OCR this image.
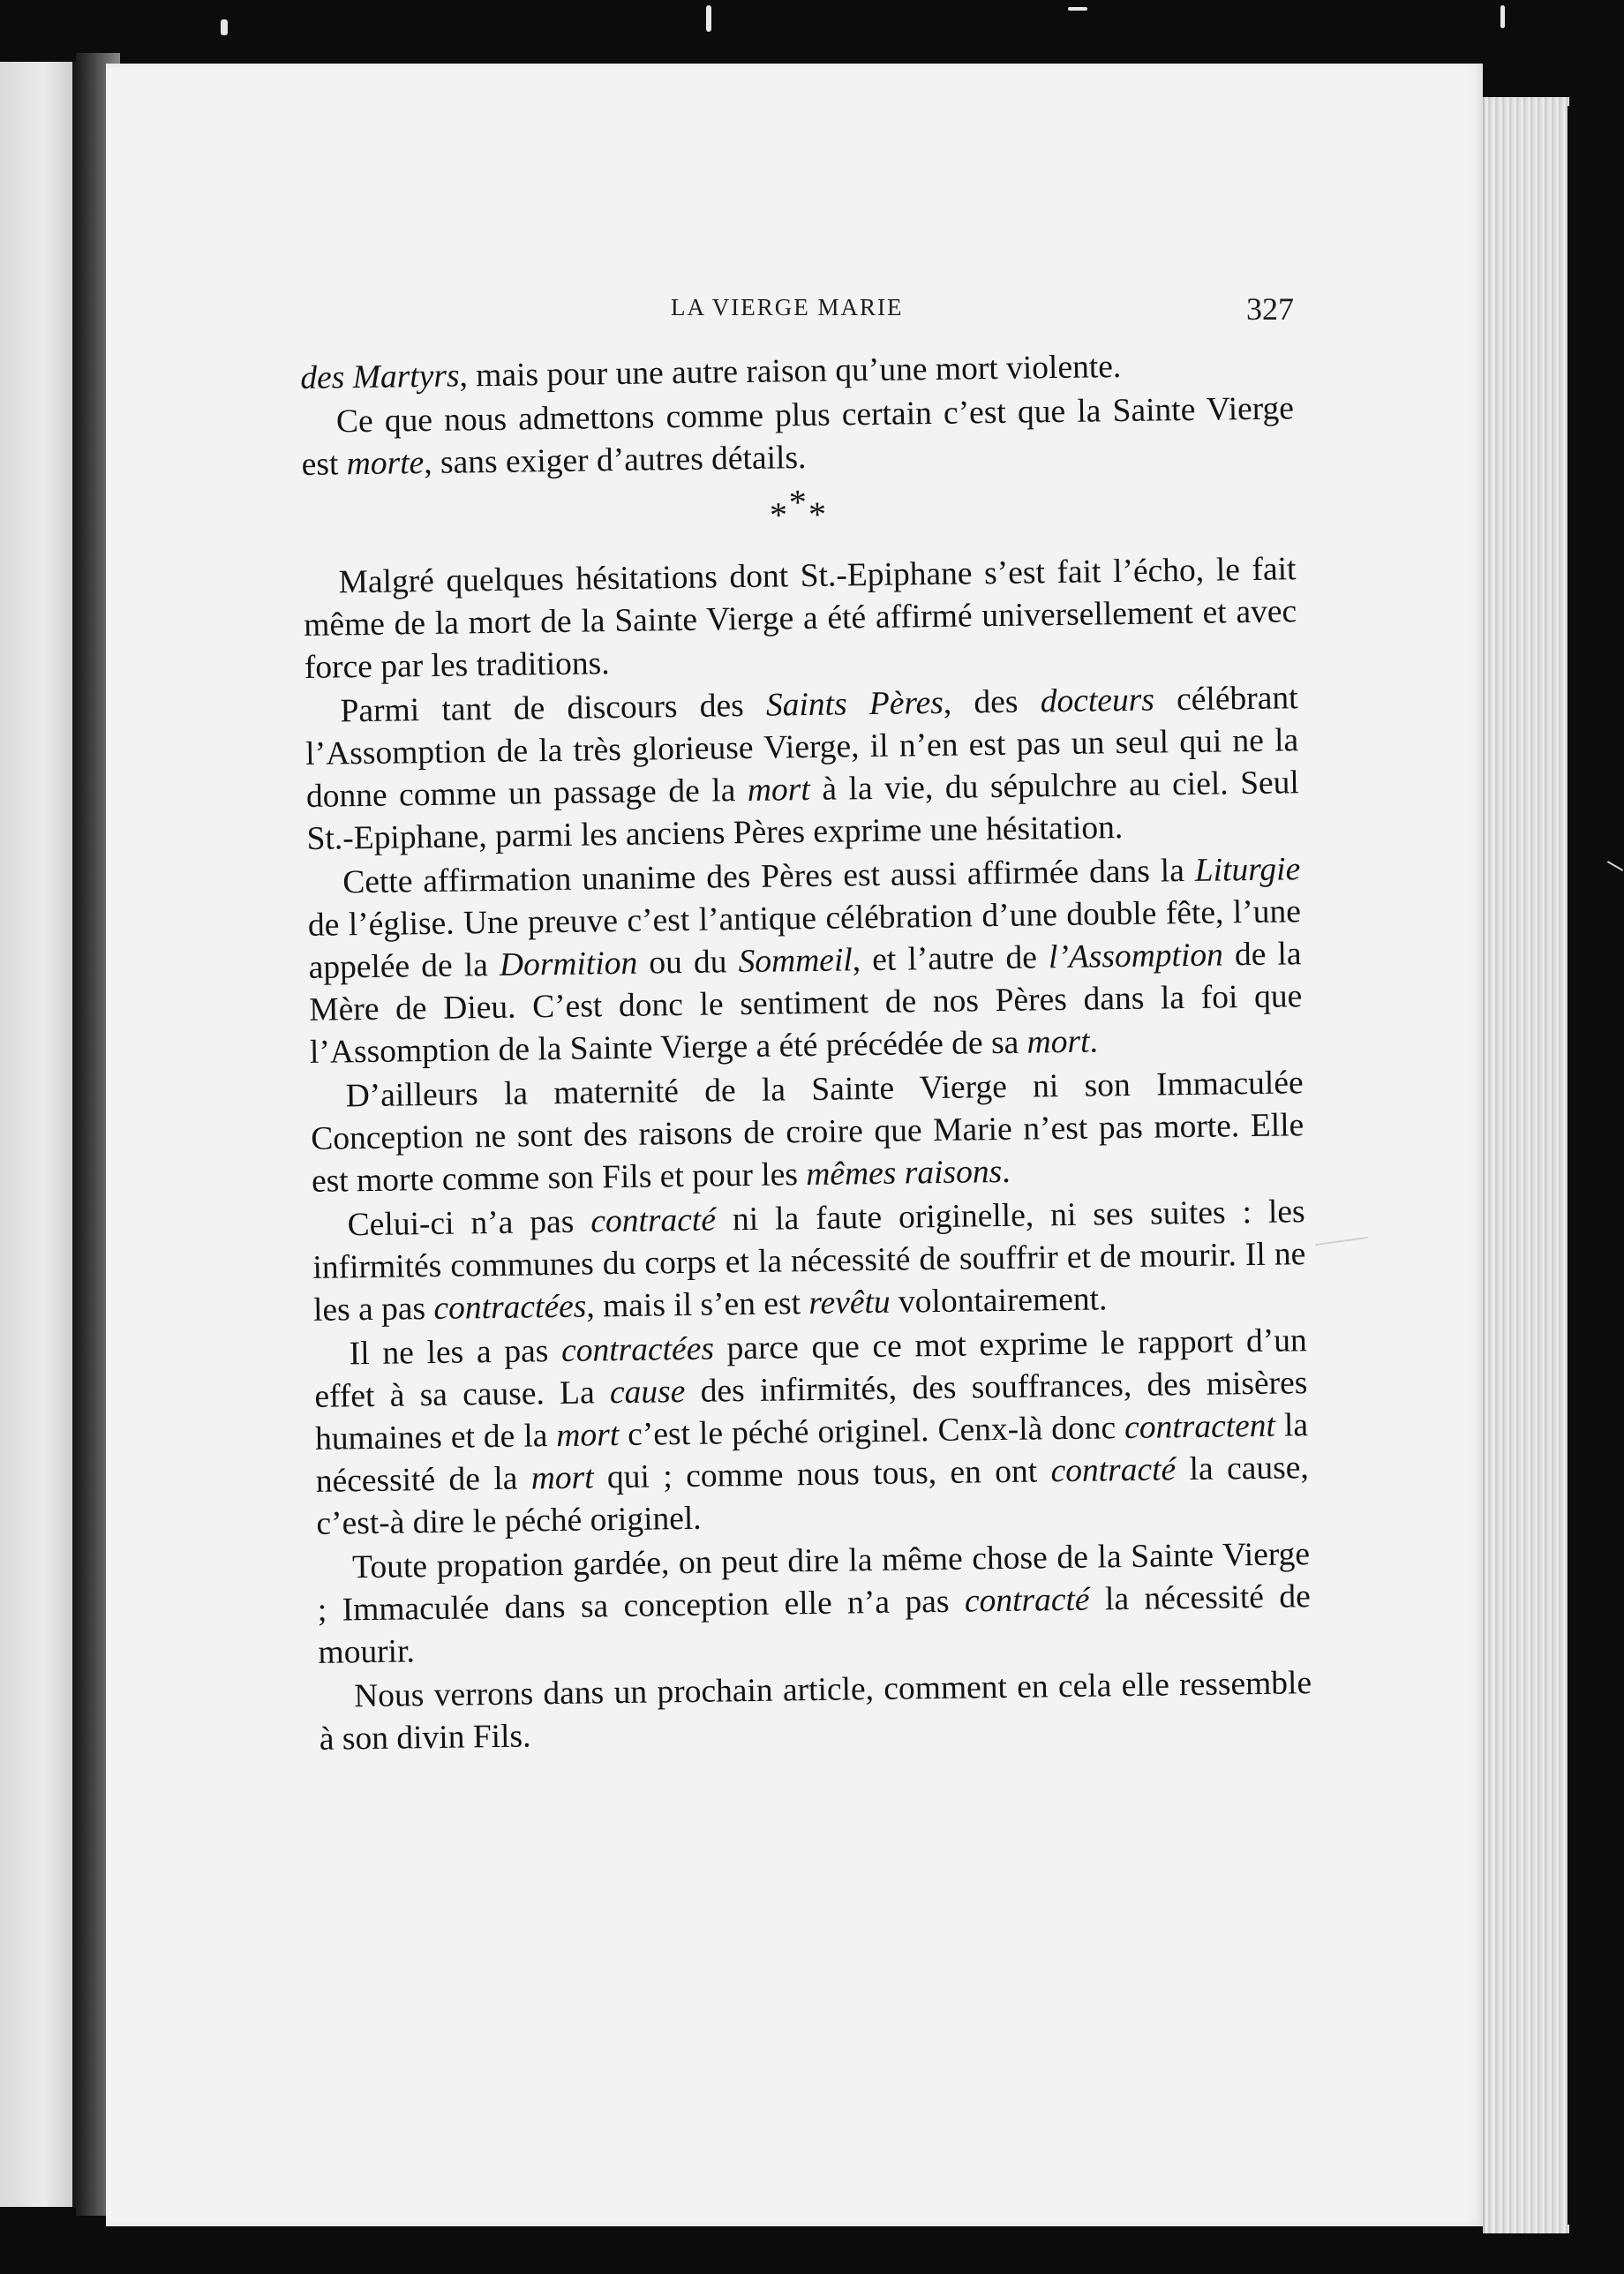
LA VIERGE MARIE	327

des Martyrs, mais pour une autre raison qu’une mort violente.

Ce que nous admettons comme plus certain c’est que la Sainte Vierge est morte, sans exiger d’autres détails.

***

Malgré quelques hésitations dont St.-Epiphane s’est fait l’écho, le fait même de la mort de la Sainte Vierge a été affirmé universellement et avec force par les traditions.

Parmi tant de discours des Saints Pères, des docteurs célébrant l’Assomption de la très glorieuse Vierge, il n’en est pas un seul qui ne la donne comme un passage de la mort à la vie, du sépulchre au ciel. Seul St.-Epiphane, parmi les anciens Pères exprime une hésitation.

Cette affirmation unanime des Pères est aussi affirmée dans la Liturgie de l’église. Une preuve c’est l’antique célébration d’une double fête, l’une appelée de la Dormition ou du Sommeil, et l’autre de l’Assomption de la Mère de Dieu. C’est donc le sentiment de nos Pères dans la foi que l’Assomption de la Sainte Vierge a été précédée de sa mort.

D’ailleurs la maternité de la Sainte Vierge ni son Immaculée Conception ne sont des raisons de croire que Marie n’est pas morte. Elle est morte comme son Fils et pour les mêmes raisons.

Celui-ci n’a pas contracté ni la faute originelle, ni ses suites : les infirmités communes du corps et la nécessité de souffrir et de mourir. Il ne les a pas contractées, mais il s’en est revêtu volontairement.

Il ne les a pas contractées parce que ce mot exprime le rapport d’un effet à sa cause. La cause des infirmités, des souffrances, des misères humaines et de la mort c’est le péché originel. Cenx-là donc contractent la nécessité de la mort qui ; comme nous tous, en ont contracté la cause, c’est-à dire le péché originel.

Toute propation gardée, on peut dire la même chose de la Sainte Vierge ; Immaculée dans sa conception elle n’a pas contracté la nécessité de mourir.

Nous verrons dans un prochain article, comment en cela elle ressemble à son divin Fils.
